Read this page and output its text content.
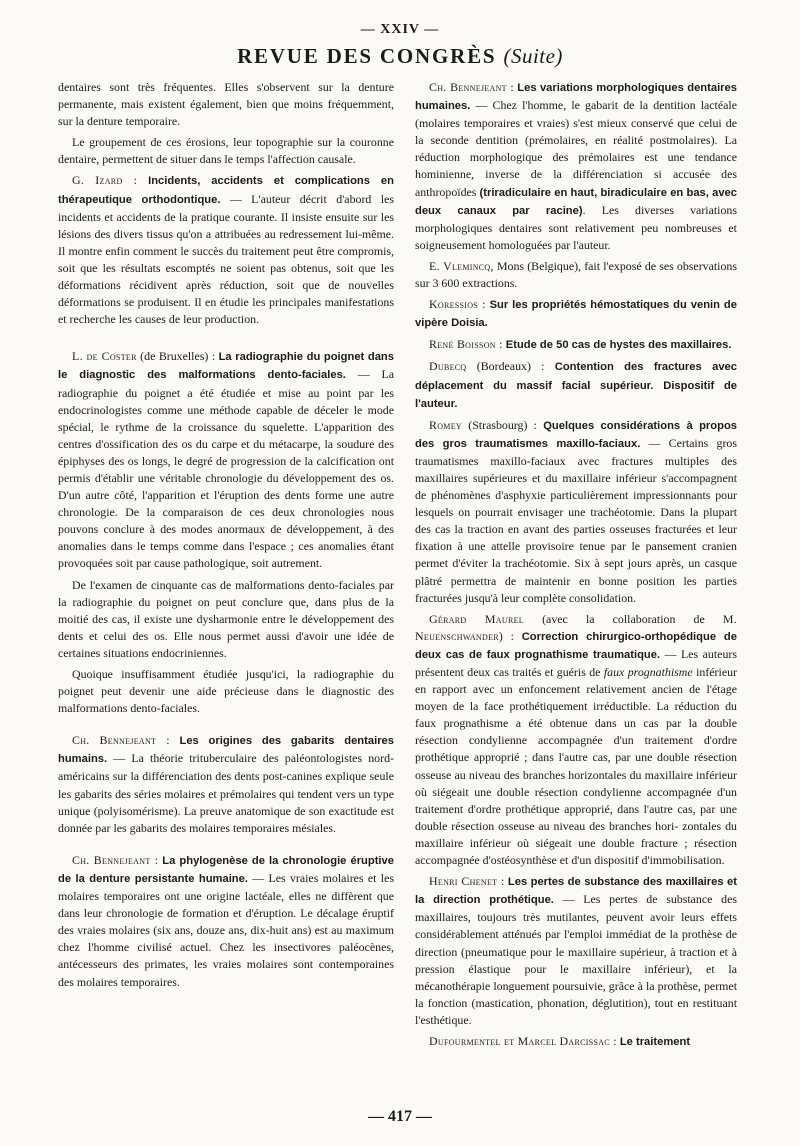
— XXIV —
REVUE DES CONGRÈS (Suite)

dentaires sont très fréquentes. Elles s'observent sur la denture permanente, mais existent également, bien que moins fréquemment, sur la denture temporaire.

Le groupement de ces érosions, leur topographie sur la couronne dentaire, permettent de situer dans le temps l'affection causale.

G. Izard : Incidents, accidents et complications en thérapeutique orthodontique. — L'auteur décrit d'abord les incidents et accidents de la pratique courante. Il insiste ensuite sur les lésions des divers tissus qu'on a attribuées au redressement lui-même. Il montre enfin comment le succès du traitement peut être compromis, soit que les résultats escomptés ne soient pas obtenus, soit que les déformations récidivent après réduction, soit que de nouvelles déformations se produisent. Il en étudie les principales manifestations et recherche les causes de leur production.

L. de Coster (de Bruxelles) : La radiographie du poignet dans le diagnostic des malformations dento-faciales. — La radiographie du poignet a été étudiée et mise au point par les endocrinologistes comme une méthode capable de déceler le mode spécial, le rythme de la croissance du squelette. L'apparition des centres d'ossification des os du carpe et du métacarpe, la soudure des épiphyses des os longs, le degré de progression de la calcification ont permis d'établir une véritable chronologie du développement des os. D'un autre côté, l'apparition et l'éruption des dents forme une autre chronologie. De la comparaison de ces deux chronologies nous pouvons conclure à des modes anormaux de développement, à des anomalies dans le temps comme dans l'espace ; ces anomalies étant provoquées soit par cause pathologique, soit autrement.

De l'examen de cinquante cas de malformations dento-faciales par la radiographie du poignet on peut conclure que, dans plus de la moitié des cas, il existe une dysharmonie entre le développement des dents et celui des os. Elle nous permet aussi d'avoir une idée de certaines situations endocriniennes.

Quoique insuffisamment étudiée jusqu'ici, la radiographie du poignet peut devenir une aide précieuse dans le diagnostic des malformations dento-faciales.

Ch. Bennejeant : Les origines des gabarits dentaires humains. — La théorie trituberculaire des paléontologistes nord-américains sur la différenciation des dents post-canines explique seule les gabarits des séries molaires et prémolaires qui tendent vers un type unique (polyisomérisme). La preuve anatomique de son exactitude est donnée par les gabarits des molaires temporaires mésiales.

Ch. Bennejeant : La phylogenèse de la chronologie éruptive de la denture persistante humaine. — Les vraies molaires et les molaires temporaires ont une origine lactéale, elles ne diffèrent que dans leur chronologie de formation et d'éruption. Le décalage éruptif des vraies molaires (six ans, douze ans, dix-huit ans) est au maximum chez l'homme civilisé actuel. Chez les insectivores paléocènes, antécesseurs des primates, les vraies molaires sont contemporaines des molaires temporaires.

Ch. Bennejeant : Les variations morphologiques dentaires humaines. — Chez l'homme, le gabarit de la dentition lactéale (molaires temporaires et vraies) s'est mieux conservé que celui de la seconde dentition (prémolaires, en réalité postmolaires). La réduction morphologique des prémolaires est une tendance hominienne, inverse de la différenciation si accusée des anthropoïdes (triradiculaire en haut, biradiculaire en bas, avec deux canaux par racine). Les diverses variations morphologiques dentaires sont relativement peu nombreuses et soigneusement homologuées par l'auteur.

E. Vlemincq, Mons (Belgique), fait l'exposé de ses observations sur 3 600 extractions.

Koressios : Sur les propriétés hémostatiques du venin de vipère Doisia.

René Boisson : Etude de 50 cas de hystes des maxillaires.

Dubecq (Bordeaux) : Contention des fractures avec déplacement du massif facial supérieur. Dispositif de l'auteur.

Romey (Strasbourg) : Quelques considérations à propos des gros traumatismes maxillo-faciaux. — Certains gros traumatismes maxillo-faciaux avec fractures multiples des maxillaires supérieures et du maxillaire inférieur s'accompagnent de phénomènes d'asphyxie particulièrement impressionnants pour lesquels on pourrait envisager une trachéotomie. Dans la plupart des cas la traction en avant des parties osseuses fracturées et leur fixation à une attelle provisoire tenue par le pansement cranien permet d'éviter la trachéotomie. Six à sept jours après, un casque plâtré permettra de maintenir en bonne position les parties fracturées jusqu'à leur complète consolidation.

Gérard Maurel (avec la collaboration de M. Neuenschwander) : Correction chirurgico-orthopédique de deux cas de faux prognathisme traumatique. — Les auteurs présentent deux cas traités et guéris de faux prognathisme inférieur en rapport avec un enfoncement relativement ancien de l'étage moyen de la face prothétiquement irréductible. La réduction du faux prognathisme a été obtenue dans un cas par la double résection condylienne accompagnée d'un traitement d'ordre prothétique approprié ; dans l'autre cas, par une double résection osseuse au niveau des branches horizontales du maxillaire inférieur où siégeait une double résection condylienne accompagnée d'un traitement d'ordre prothétique approprié, dans l'autre cas, par une double résection osseuse au niveau des branches hori- zontales du maxillaire inférieur où siégeait une double fracture ; résection accompagnée d'ostéosynthèse et d'un dispositif d'immobilisation.

Henri Chenet : Les pertes de substance des maxillaires et la direction prothétique. — Les pertes de substance des maxillaires, toujours très mutilantes, peuvent avoir leurs effets considérablement atténués par l'emploi immédiat de la prothèse de direction (pneumatique pour le maxillaire supérieur, à traction et à pression élastique pour le maxillaire inférieur), et la mécanothérapie longuement poursuivie, grâce à la prothèse, permet la fonction (mastication, phonation, déglutition), tout en restituant l'esthétique.

Dufourmentel et Marcel Darcissac : Le traitement

— 417 —
